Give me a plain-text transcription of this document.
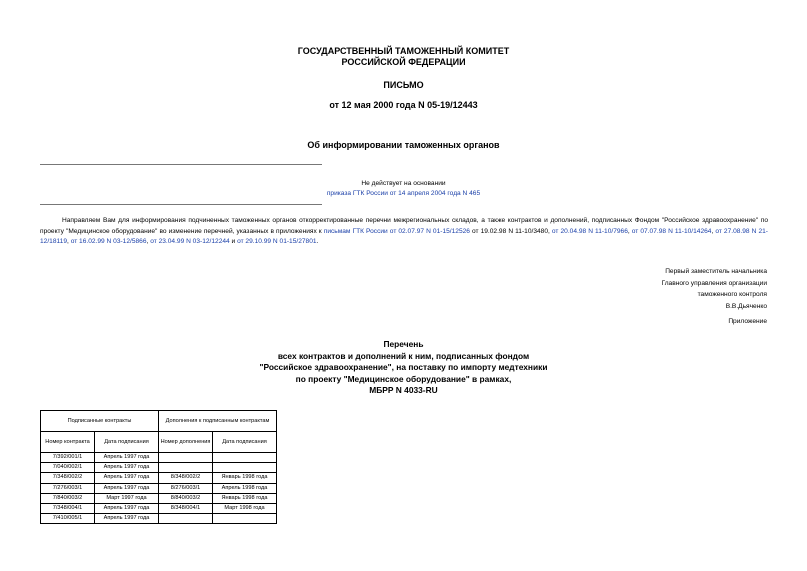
ГОСУДАРСТВЕННЫЙ ТАМОЖЕННЫЙ КОМИТЕТ
РОССИЙСКОЙ ФЕДЕРАЦИИ
ПИСЬМО
от 12 мая 2000 года N 05-19/12443
Об информировании таможенных органов
Не действует на основании
приказа ГТК России от 14 апреля 2004 года N 465
Направляем Вам для информирования подчиненных таможенных органов откорректированные перечни межрегиональных складов, а также контрактов и дополнений, подписанных Фондом "Российское здравоохранение" по проекту "Медицинское оборудование" во изменение перечней, указанных в приложениях к письмам ГТК России от 02.07.97 N 01-15/12526 от 19.02.98 N 11-10/3480, от 20.04.98 N 11-10/7966, от 07.07.98 N 11-10/14264, от 27.08.98 N 21-12/18119, от 16.02.99 N 03-12/5866, от 23.04.99 N 03-12/12244 и от 29.10.99 N 01-15/27801.
Первый заместитель начальника
Главного управления организации
таможенного контроля
В.В.Дьяченко
Приложение
Перечень
всех контрактов и дополнений к ним, подписанных фондом
"Российское здравоохранение", на поставку по импорту медтехники
по проекту "Медицинское оборудование" в рамках,
МБРР N 4033-RU
Подписанные контракты		Дополнения к подписанным контрактам	
Номер контракта	Дата подписания	Номер дополнения	Дата подписания
7/392/001/1	Апрель 1997 года		
7/040/002/1	Апрель 1997 года		
7/348/002/2	Апрель 1997 года	8/348/002/2	Январь 1998 года
7/276/003/1	Апрель 1997 года	8/276/003/1	Апрель 1998 года
7/840/003/2	Март 1997 года	8/840/003/2	Январь 1998 года
7/348/004/1	Апрель 1997 года	8/348/004/1	Март 1998 года
7/410/005/1	Апрель 1997 года		
